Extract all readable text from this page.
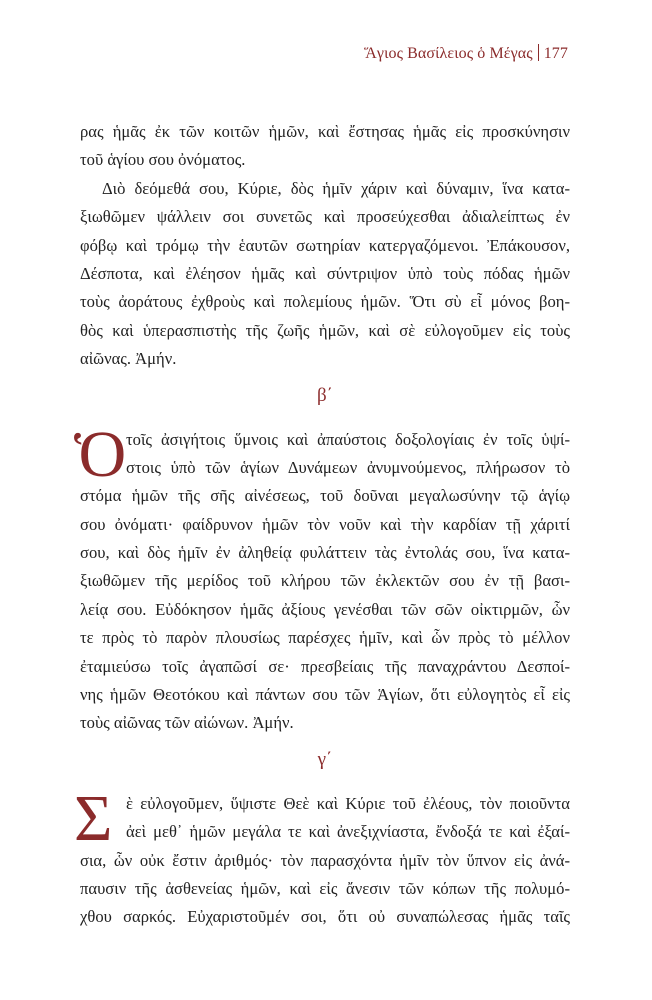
Ἅγιος Βασίλειος ὁ Μέγας 177
ρας ἡμᾶς ἐκ τῶν κοιτῶν ἡμῶν, καὶ ἔστησας ἡμᾶς εἰς προσκύνησιν
τοῦ ἁγίου σου ὀνόματος.
Διὸ δεόμεθά σου, Κύριε, δὸς ἡμῖν χάριν καὶ δύναμιν, ἵνα κατα-
ξιωθῶμεν ψάλλειν σοι συνετῶς καὶ προσεύχεσθαι ἀδιαλείπτως ἐν
φόβῳ καὶ τρόμῳ τὴν ἑαυτῶν σωτηρίαν κατεργαζόμενοι. Ἐπάκουσον,
Δέσποτα, καὶ ἐλέησον ἡμᾶς καὶ σύντριψον ὑπὸ τοὺς πόδας ἡμῶν
τοὺς ἀοράτους ἐχθροὺς καὶ πολεμίους ἡμῶν. Ὅτι σὺ εἶ μόνος βοη-
θὸς καὶ ὑπερασπιστὴς τῆς ζωῆς ἡμῶν, καὶ σὲ εὐλογοῦμεν εἰς τοὺς
αἰῶνας. Ἀμήν.
β΄
Ὁ τοῖς ἀσιγήτοις ὕμνοις καὶ ἀπαύστοις δοξολογίαις ἐν τοῖς ὑψί-
στοις ὑπὸ τῶν ἁγίων Δυνάμεων ἀνυμνούμενος, πλήρωσον τὸ
στόμα ἡμῶν τῆς σῆς αἰνέσεως, τοῦ δοῦναι μεγαλωσύνην τῷ ἁγίῳ
σου ὀνόματι· φαίδρυνον ἡμῶν τὸν νοῦν καὶ τὴν καρδίαν τῇ χάριτί
σου, καὶ δὸς ἡμῖν ἐν ἀληθείᾳ φυλάττειν τὰς ἐντολάς σου, ἵνα κατα-
ξιωθῶμεν τῆς μερίδος τοῦ κλήρου τῶν ἐκλεκτῶν σου ἐν τῇ βασι-
λείᾳ σου. Εὐδόκησον ἡμᾶς ἀξίους γενέσθαι τῶν σῶν οἰκτιρμῶν, ὧν
τε πρὸς τὸ παρὸν πλουσίως παρέσχες ἡμῖν, καὶ ὧν πρὸς τὸ μέλλον
ἐταμιεύσω τοῖς ἀγαπῶσί σε· πρεσβείαις τῆς παναχράντου Δεσποί-
νης ἡμῶν Θεοτόκου καὶ πάντων σου τῶν Ἁγίων, ὅτι εὐλογητὸς εἶ εἰς
τοὺς αἰῶνας τῶν αἰώνων. Ἀμήν.
γ΄
Σ ὲ εὐλογοῦμεν, ὕψιστε Θεὲ καὶ Κύριε τοῦ ἐλέους, τὸν ποιοῦντα
ἀεὶ μεθ᾽ ἡμῶν μεγάλα τε καὶ ἀνεξιχνίαστα, ἔνδοξά τε καὶ ἐξαί-
σια, ὧν οὐκ ἔστιν ἀριθμός· τὸν παρασχόντα ἡμῖν τὸν ὕπνον εἰς ἀνά-
παυσιν τῆς ἀσθενείας ἡμῶν, καὶ εἰς ἄνεσιν τῶν κόπων τῆς πολυμό-
χθου σαρκός. Εὐχαριστοῦμέν σοι, ὅτι οὐ συναπώλεσας ἡμᾶς ταῖς
